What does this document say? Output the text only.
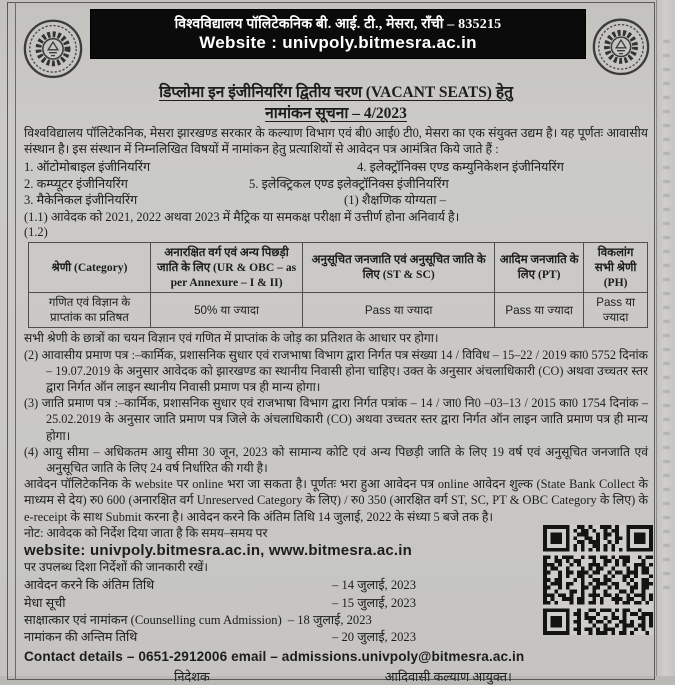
विश्वविद्यालय पॉलिटेकनिक बी. आई. टी., मेसरा, राँची – 835215
Website : univpoly.bitmesra.ac.in
डिप्लोमा इन इंजीनियरिंग द्वितीय चरण (VACANT SEATS) हेतु
नामांकन सूचना – 4/2023
विश्वविद्यालय पॉलिटेकनिक, मेसरा झारखण्ड सरकार के कल्याण विभाग एवं बी0 आई0 टी0, मेसरा का एक संयुक्त उद्यम है। यह पूर्णतः आवासीय संस्थान है। इस संस्थान में निम्नलिखित विषयों में नामांकन हेतु प्रत्याशियों से आवेदन पत्र आमंत्रित किये जाते हैं :
1. ऑटोमोबाइल इंजीनियरिंग	4. इलेक्ट्रॉनिक्स एण्ड कम्युनिकेशन इंजीनियरिंग
2. कम्प्यूटर इंजीनियरिंग	5. इलेक्ट्रिकल एण्ड इलेक्ट्रॉनिक्स इंजीनियरिंग
3. मैकेनिकल इंजीनियरिंग	(1) शैक्षणिक योग्यता –
(1.1) आवेदक को 2021, 2022 अथवा 2023 में मैट्रिक या समकक्ष परीक्षा में उत्तीर्ण होना अनिवार्य है।
(1.2)
श्रेणी (Category)	अनारक्षित वर्ग एवं अन्य पिछड़ी जाति के लिए (UR & OBC – as per Annexure – I & II)	अनुसूचित जनजाति एवं अनुसूचित जाति के लिए (ST & SC)	आदिम जनजाति के लिए (PT)	विकलांग सभी श्रेणी (PH)
गणित एवं विज्ञान के प्राप्तांक का प्रतिषत	50% या ज्यादा	Pass या ज्यादा	Pass या ज्यादा	Pass या ज्यादा
सभी श्रेणी के छात्रों का चयन विज्ञान एवं गणित में प्राप्तांक के जोड़ का प्रतिशत के आधार पर होगा।
(2) आवासीय प्रमाण पत्र :–कार्मिक, प्रशासनिक सुधार एवं राजभाषा विभाग द्वारा निर्गत पत्र संख्या 14 / विविध – 15–22 / 2019 का0 5752 दिनांक – 19.07.2019 के अनुसार आवेदक को झारखण्ड का स्थानीय निवासी होना चाहिए। उक्त के अनुसार अंचलाधिकारी (CO) अथवा उच्चतर स्तर द्वारा निर्गत ऑन लाइन स्थानीय निवासी प्रमाण पत्र ही मान्य होगा।
(3) जाति प्रमाण पत्र :–कार्मिक, प्रशासनिक सुधार एवं राजभाषा विभाग द्वारा निर्गत पत्रांक – 14 / जा0 नि0 –03–13 / 2015 का0 1754 दिनांक – 25.02.2019 के अनुसार जाति प्रमाण पत्र जिले के अंचलाधिकारी (CO) अथवा उच्चतर स्तर द्वारा निर्गत ऑन लाइन जाति प्रमाण पत्र ही मान्य होगा।
(4) आयु सीमा – अधिकतम आयु सीमा 30 जून, 2023 को सामान्य कोटि एवं अन्य पिछड़ी जाति के लिए 19 वर्ष एवं अनुसूचित जनजाति एवं अनुसूचित जाति के लिए 24 वर्ष निर्धारित की गयी है।
आवेदन पॉलिटेकनिक के website पर online भरा जा सकता है। पूर्णतः भरा हुआ आवेदन पत्र online आवेदन शुल्क (State Bank Collect के माध्यम से देय) रु0 600 (अनारक्षित वर्ग Unreserved Category के लिए) / रु0 350 (आरक्षित वर्ग ST, SC, PT & OBC Category के लिए) के e-receipt के साथ Submit करना है। आवेदन करने कि अंतिम तिथि 14 जुलाई, 2022 के संध्या 5 बजे तक है।
नोट: आवेदक को निर्देश दिया जाता है कि समय–समय पर
website: univpoly.bitmesra.ac.in, www.bitmesra.ac.in
पर उपलब्ध दिशा निर्देशों की जानकारी रखें।
आवेदन करने कि अंतिम तिथि	– 14 जुलाई, 2023
मेधा सूची	– 15 जुलाई, 2023
साक्षात्कार एवं नामांकन (Counselling cum Admission) – 18 जुलाई, 2023
नामांकन की अन्तिम तिथि	– 20 जुलाई, 2023
Contact details – 0651-2912006 email – admissions.univpoly@bitmesra.ac.in
निदेशक	आदिवासी कल्याण आयुक्त।
